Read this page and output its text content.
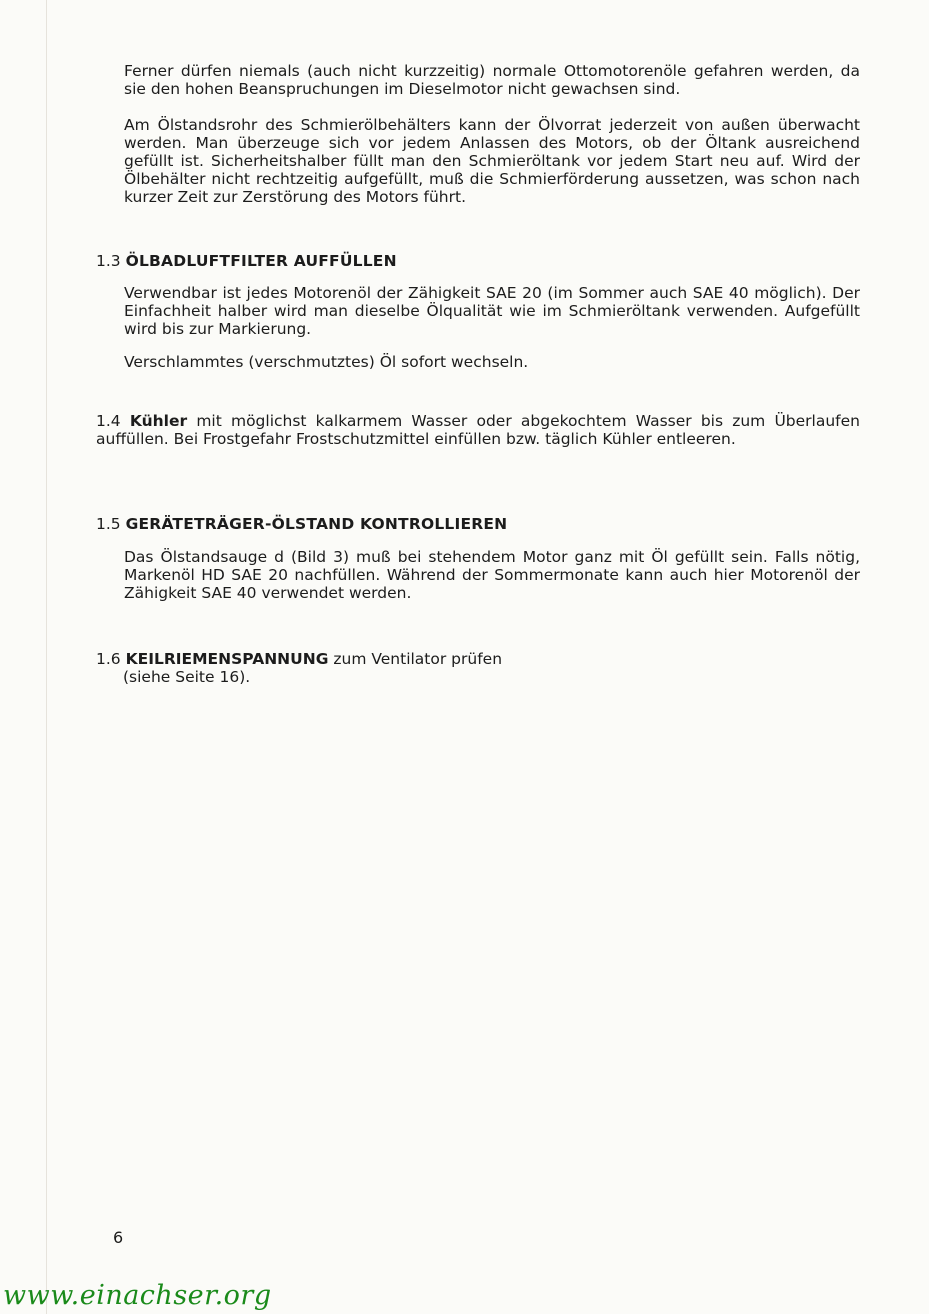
Ferner dürfen niemals (auch nicht kurzzeitig) normale Ottomotorenöle gefahren werden, da sie den hohen Beanspruchungen im Dieselmotor nicht gewachsen sind.

Am Ölstandsrohr des Schmierölbehälters kann der Ölvorrat jederzeit von außen überwacht werden. Man überzeuge sich vor jedem Anlassen des Motors, ob der Öltank ausreichend gefüllt ist. Sicherheitshalber füllt man den Schmieröltank vor jedem Start neu auf. Wird der Ölbehälter nicht rechtzeitig aufgefüllt, muß die Schmierförderung aussetzen, was schon nach kurzer Zeit zur Zerstörung des Motors führt.

1.3 ÖLBADLUFTFILTER AUFFÜLLEN

Verwendbar ist jedes Motorenöl der Zähigkeit SAE 20 (im Sommer auch SAE 40 möglich). Der Einfachheit halber wird man dieselbe Ölqualität wie im Schmieröltank verwenden. Aufgefüllt wird bis zur Markierung.

Verschlammtes (verschmutztes) Öl sofort wechseln.

1.4 Kühler mit möglichst kalkarmem Wasser oder abgekochtem Wasser bis zum Überlaufen auffüllen. Bei Frostgefahr Frostschutzmittel einfüllen bzw. täglich Kühler entleeren.
1.5 GERÄTETRÄGER-ÖLSTAND KONTROLLIEREN

Das Ölstandsauge d (Bild 3) muß bei stehendem Motor ganz mit Öl gefüllt sein. Falls nötig, Markenöl HD SAE 20 nachfüllen. Während der Sommermonate kann auch hier Motorenöl der Zähigkeit SAE 40 verwendet werden.

1.6 KEILRIEMENSPANNUNG zum Ventilator prüfen
(siehe Seite 16).
6
www.einachser.org
